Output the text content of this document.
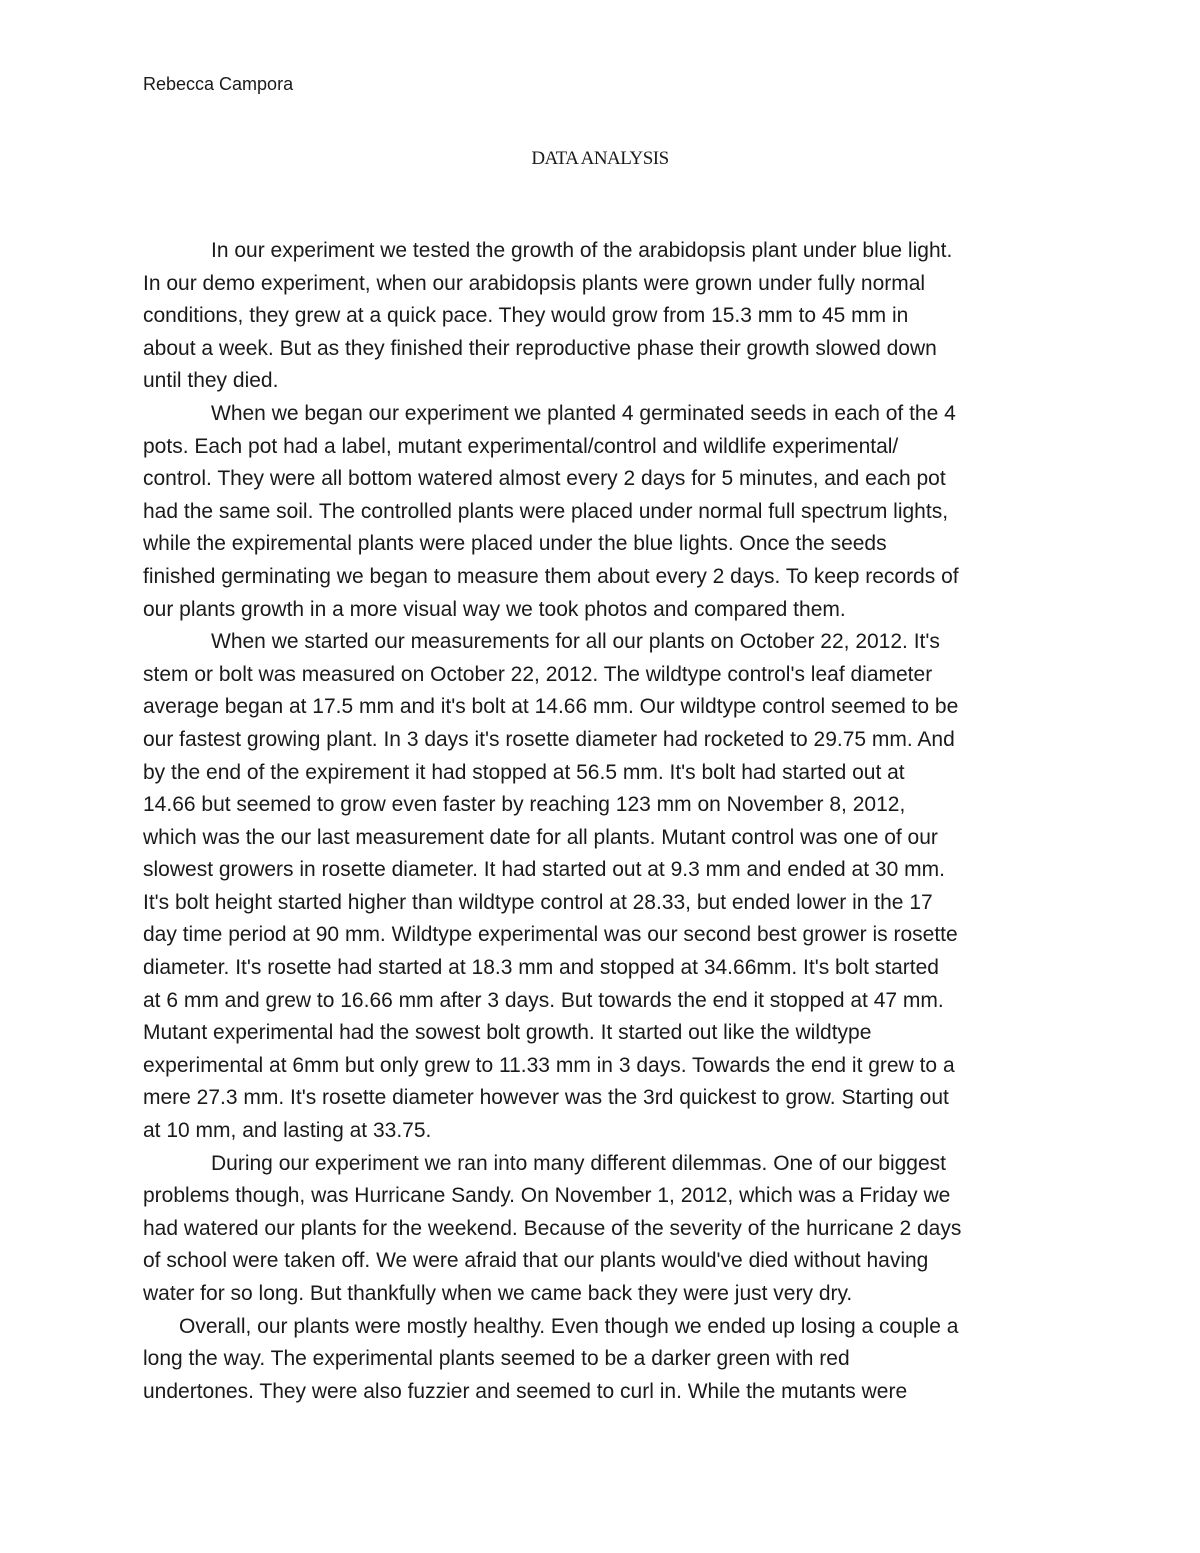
Rebecca Campora

DATA ANALYSIS
In our experiment we tested the growth of the arabidopsis plant under blue light.
In our demo experiment, when our arabidopsis plants were grown under fully normal
conditions, they grew at a quick pace. They would grow from 15.3 mm to 45 mm in
about a week. But as they finished their reproductive phase their growth slowed down
until they died.
When we began our experiment we planted 4 germinated seeds in each of the 4
pots. Each pot had a label, mutant experimental/control and wildlife experimental/
control. They were all bottom watered almost every 2 days for 5 minutes, and each pot
had the same soil. The controlled plants were placed under normal full spectrum lights,
while the expiremental plants were placed under the blue lights. Once the seeds
finished germinating we began to measure them about every 2 days. To keep records of
our plants growth in a more visual way we took photos and compared them.
When we started our measurements for all our plants on October 22, 2012. It's
stem or bolt was measured on October 22, 2012. The wildtype control's leaf diameter
average began at 17.5 mm and it's bolt at 14.66 mm. Our wildtype control seemed to be
our fastest growing plant. In 3 days it's rosette diameter had rocketed to 29.75 mm. And
by the end of the expirement it had stopped at 56.5 mm. It's bolt had started out at
14.66 but seemed to grow even faster by reaching 123 mm on November 8, 2012,
which was the our last measurement date for all plants. Mutant control was one of our
slowest growers in rosette diameter. It had started out at 9.3 mm and ended at 30 mm.
It's bolt height started higher than wildtype control at 28.33, but ended lower in the 17
day time period at 90 mm. Wildtype experimental was our second best grower is rosette
diameter. It's rosette had started at 18.3 mm and stopped at 34.66mm. It's bolt started
at 6 mm and grew to 16.66 mm after 3 days. But towards the end it stopped at 47 mm.
Mutant experimental had the sowest bolt growth. It started out like the wildtype
experimental at 6mm but only grew to 11.33 mm in 3 days. Towards the end it grew to a
mere 27.3 mm. It's rosette diameter however was the 3rd quickest to grow. Starting out
at 10 mm, and lasting at 33.75.
During our experiment we ran into many different dilemmas. One of our biggest
problems though, was Hurricane Sandy. On November 1, 2012, which was a Friday we
had watered our plants for the weekend. Because of the severity of the hurricane 2 days
of school were taken off. We were afraid that our plants would've died without having
water for so long. But thankfully when we came back they were just very dry.
Overall, our plants were mostly healthy. Even though we ended up losing a couple a
long the way. The experimental plants seemed to be a darker green with red
undertones. They were also fuzzier and seemed to curl in. While the mutants were
